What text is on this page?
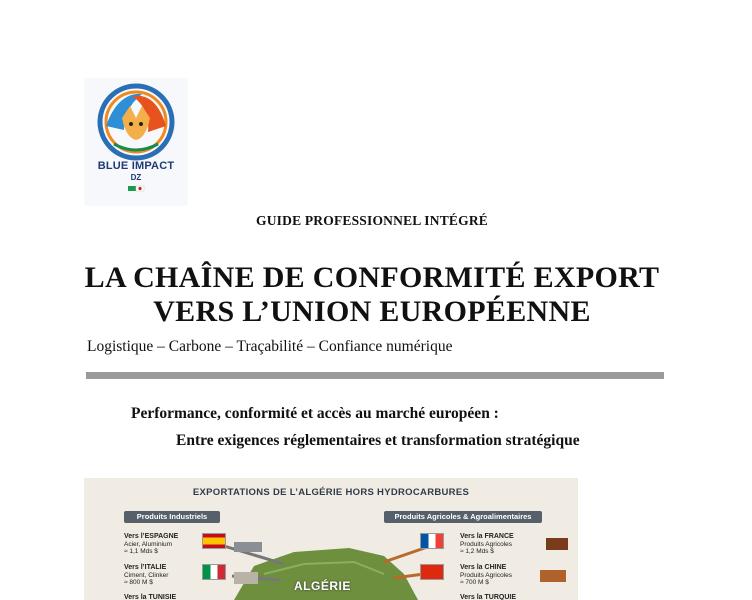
BLUE IMPACT
DZ
GUIDE PROFESSIONNEL INTÉGRÉ
LA CHAÎNE DE CONFORMITÉ EXPORT
VERS L’UNION EUROPÉENNE
Logistique – Carbone – Traçabilité – Confiance numérique
Performance, conformité et accès au marché européen :
Entre exigences réglementaires et transformation stratégique
EXPORTATIONS DE L’ALGÉRIE HORS HYDROCARBURES
Produits Industriels	Produits Agricoles & Agroalimentaires
Vers l’ESPAGNE
Acier, Aluminium
≈ 1,1 Mds $
Vers l’ITALIE
Ciment, Clinker
≈ 800 M $
Vers la TUNISIE
Vers la FRANCE
Produits Agricoles
≈ 1,2 Mds $
Vers la CHINE
Produits Agricoles
≈ 700 M $
Vers la TURQUIE
ALGÉRIE
